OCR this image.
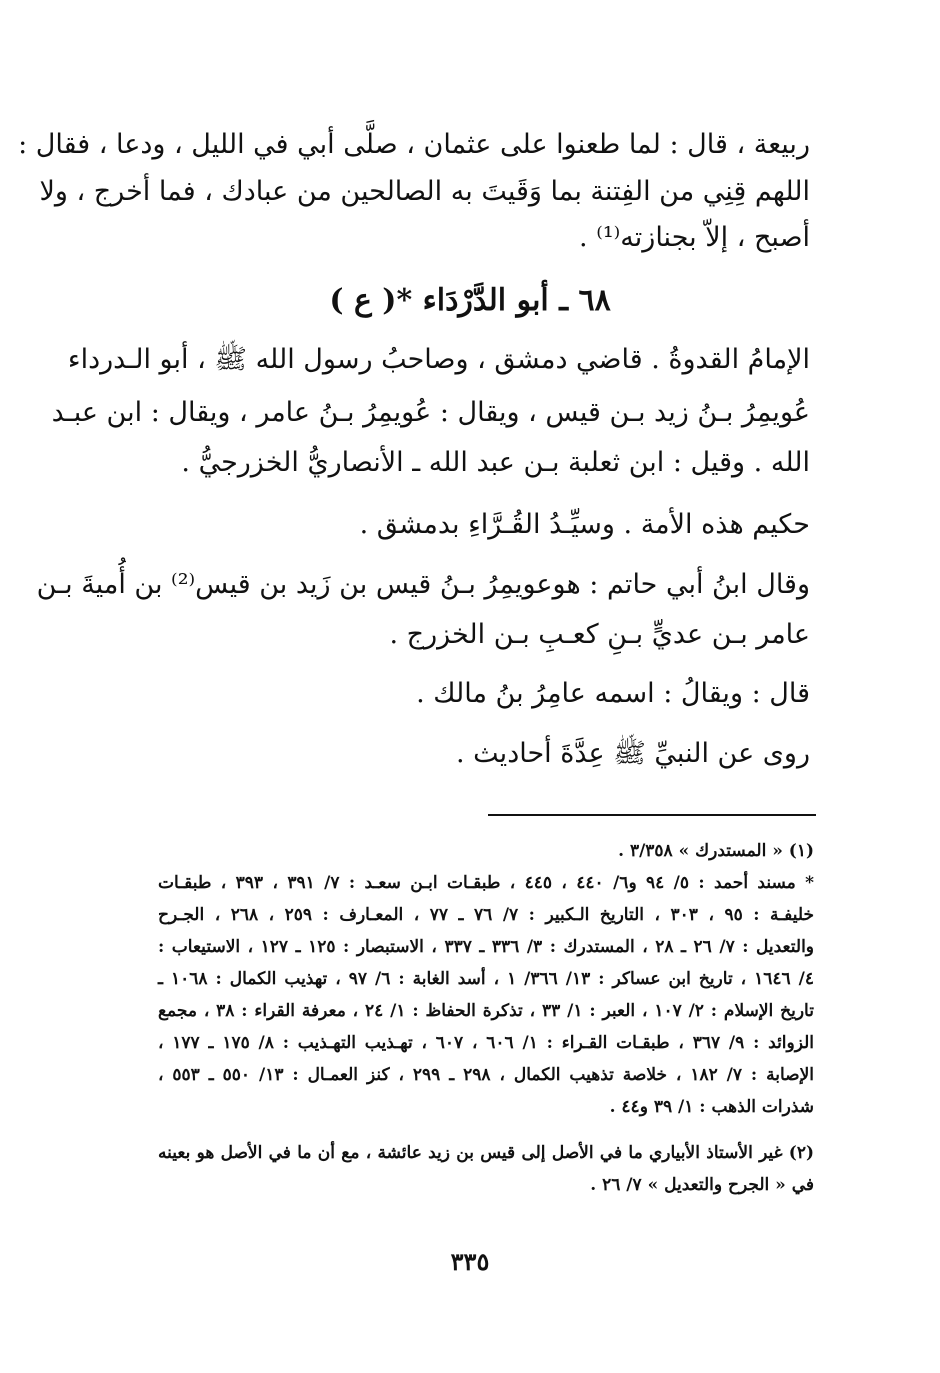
ربيعة ، قال : لما طعنوا على عثمان ، صلَّى أبي في الليل ، ودعا ، فقال :
اللهم قِنِي من الفِتنة بما وَقَيتَ به الصالحين من عبادك ، فما أخرج ، ولا
أصبح ، إلاّ بجنازته⁽¹⁾ .
٦٨ ـ أبو الدَّرْدَاء *( ع )
الإمامُ القدوةُ . قاضي دمشق ، وصاحبُ رسول الله ﷺ ، أبو الـدرداء
عُويمِرُ بـنُ زيد بـن قيس ، ويقال : عُويمِرُ بـنُ عامر ، ويقال : ابن عبـد
الله . وقيل : ابن ثعلبة بـن عبد الله ـ الأنصاريُّ الخزرجيُّ .
حكيم هذه الأمة . وسيِّـدُ القُـرَّاءِ بدمشق .
وقال ابنُ أبي حاتم : هوعويمِرُ بـنُ قيس بن زَيد بن قيس⁽²⁾ بن أُميةَ بـن
عامر بـن عديٍّ بـنِ كعـبِ بـن الخزرج .
قال : ويقالُ : اسمه عامِرُ بنُ مالك .
روى عن النبيِّ ﷺ عِدَّةَ أحاديث .
(١) « المستدرك » ٣/٣٥٨ .
* مسند أحمد : ٥/ ٩٤ و٦/ ٤٤٠ ، ٤٤٥ ، طبقـات ابـن سعـد : ٧/ ٣٩١ ، ٣٩٣ ، طبقـات
خليفـة : ٩٥ ، ٣٠٣ ، التاريخ الـكبير : ٧/ ٧٦ ـ ٧٧ ، المعـارف : ٢٥٩ ، ٢٦٨ ، الجـرح
والتعديل : ٧/ ٢٦ ـ ٢٨ ، المستدرك : ٣/ ٣٣٦ ـ ٣٣٧ ، الاستبصار : ١٢٥ ـ ١٢٧ ، الاستيعاب :
٤/ ١٦٤٦ ، تاريخ ابن عساكر : ١٣/ ٣٦٦/ ١ ، أسد الغابة : ٦/ ٩٧ ، تهذيب الكمال : ١٠٦٨ ـ
تاريخ الإسلام : ٢/ ١٠٧ ، العبر : ١/ ٣٣ ، تذكرة الحفاظ : ١/ ٢٤ ، معرفة القراء : ٣٨ ، مجمع
الزوائد : ٩/ ٣٦٧ ، طبقـات القـراء : ١/ ٦٠٦ ، ٦٠٧ ، تهـذيب التهـذيب : ٨/ ١٧٥ ـ ١٧٧ ،
الإصابة : ٧/ ١٨٢ ، خلاصة تذهيب الكمال ، ٢٩٨ ـ ٢٩٩ ، كنز العمـال : ١٣/ ٥٥٠ ـ ٥٥٣ ،
شذرات الذهب : ١/ ٣٩ و٤٤ .
(٢) غير الأستاذ الأبياري ما في الأصل إلى قيس بن زيد عائشة ، مع أن ما في الأصل هو بعينه
في « الجرح والتعديل » ٧/ ٢٦ .
٣٣٥
